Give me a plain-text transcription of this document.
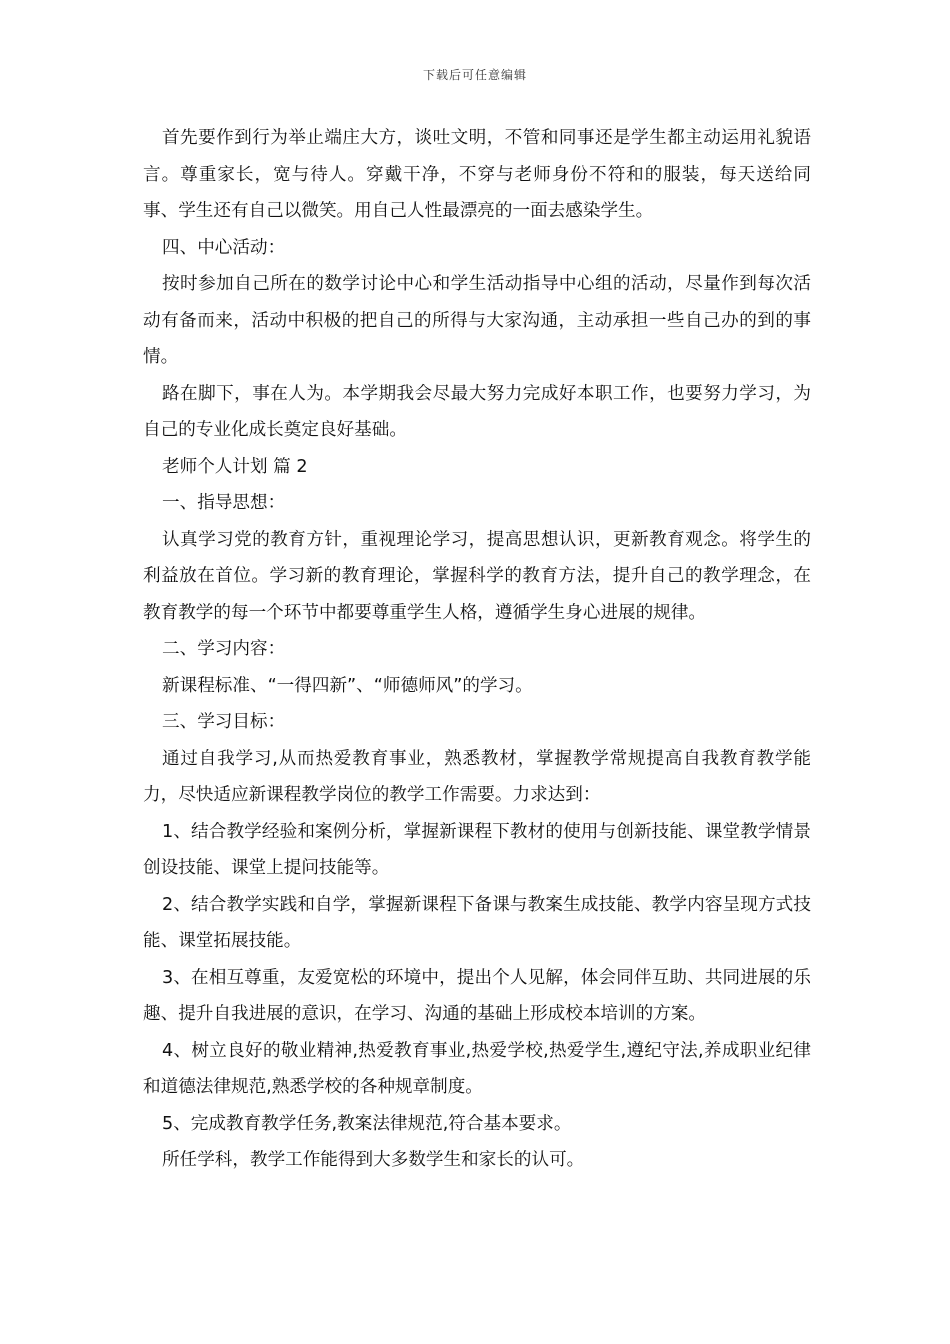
下载后可任意编辑

首先要作到行为举止端庄大方，谈吐文明，不管和同事还是学生都主动运用礼貌语言。尊重家长，宽与待人。穿戴干净，不穿与老师身份不符和的服装，每天送给同事、学生还有自己以微笑。用自己人性最漂亮的一面去感染学生。

四、中心活动：

按时参加自己所在的数学讨论中心和学生活动指导中心组的活动，尽量作到每次活动有备而来，活动中积极的把自己的所得与大家沟通，主动承担一些自己办的到的事情。

路在脚下，事在人为。本学期我会尽最大努力完成好本职工作，也要努力学习，为自己的专业化成长奠定良好基础。

老师个人计划 篇 2

一、指导思想：

认真学习党的教育方针，重视理论学习，提高思想认识，更新教育观念。将学生的利益放在首位。学习新的教育理论，掌握科学的教育方法，提升自己的教学理念，在教育教学的每一个环节中都要尊重学生人格，遵循学生身心进展的规律。

二、学习内容：

新课程标准、“一得四新”、“师德师风”的学习。

三、学习目标：

通过自我学习,从而热爱教育事业，熟悉教材，掌握教学常规提高自我教育教学能力，尽快适应新课程教学岗位的教学工作需要。力求达到：

1、结合教学经验和案例分析，掌握新课程下教材的使用与创新技能、课堂教学情景创设技能、课堂上提问技能等。

2、结合教学实践和自学，掌握新课程下备课与教案生成技能、教学内容呈现方式技能、课堂拓展技能。

3、在相互尊重，友爱宽松的环境中，提出个人见解，体会同伴互助、共同进展的乐趣、提升自我进展的意识，在学习、沟通的基础上形成校本培训的方案。

4、树立良好的敬业精神,热爱教育事业,热爱学校,热爱学生,遵纪守法,养成职业纪律和道德法律规范,熟悉学校的各种规章制度。

5、完成教育教学任务,教案法律规范,符合基本要求。

所任学科，教学工作能得到大多数学生和家长的认可。
